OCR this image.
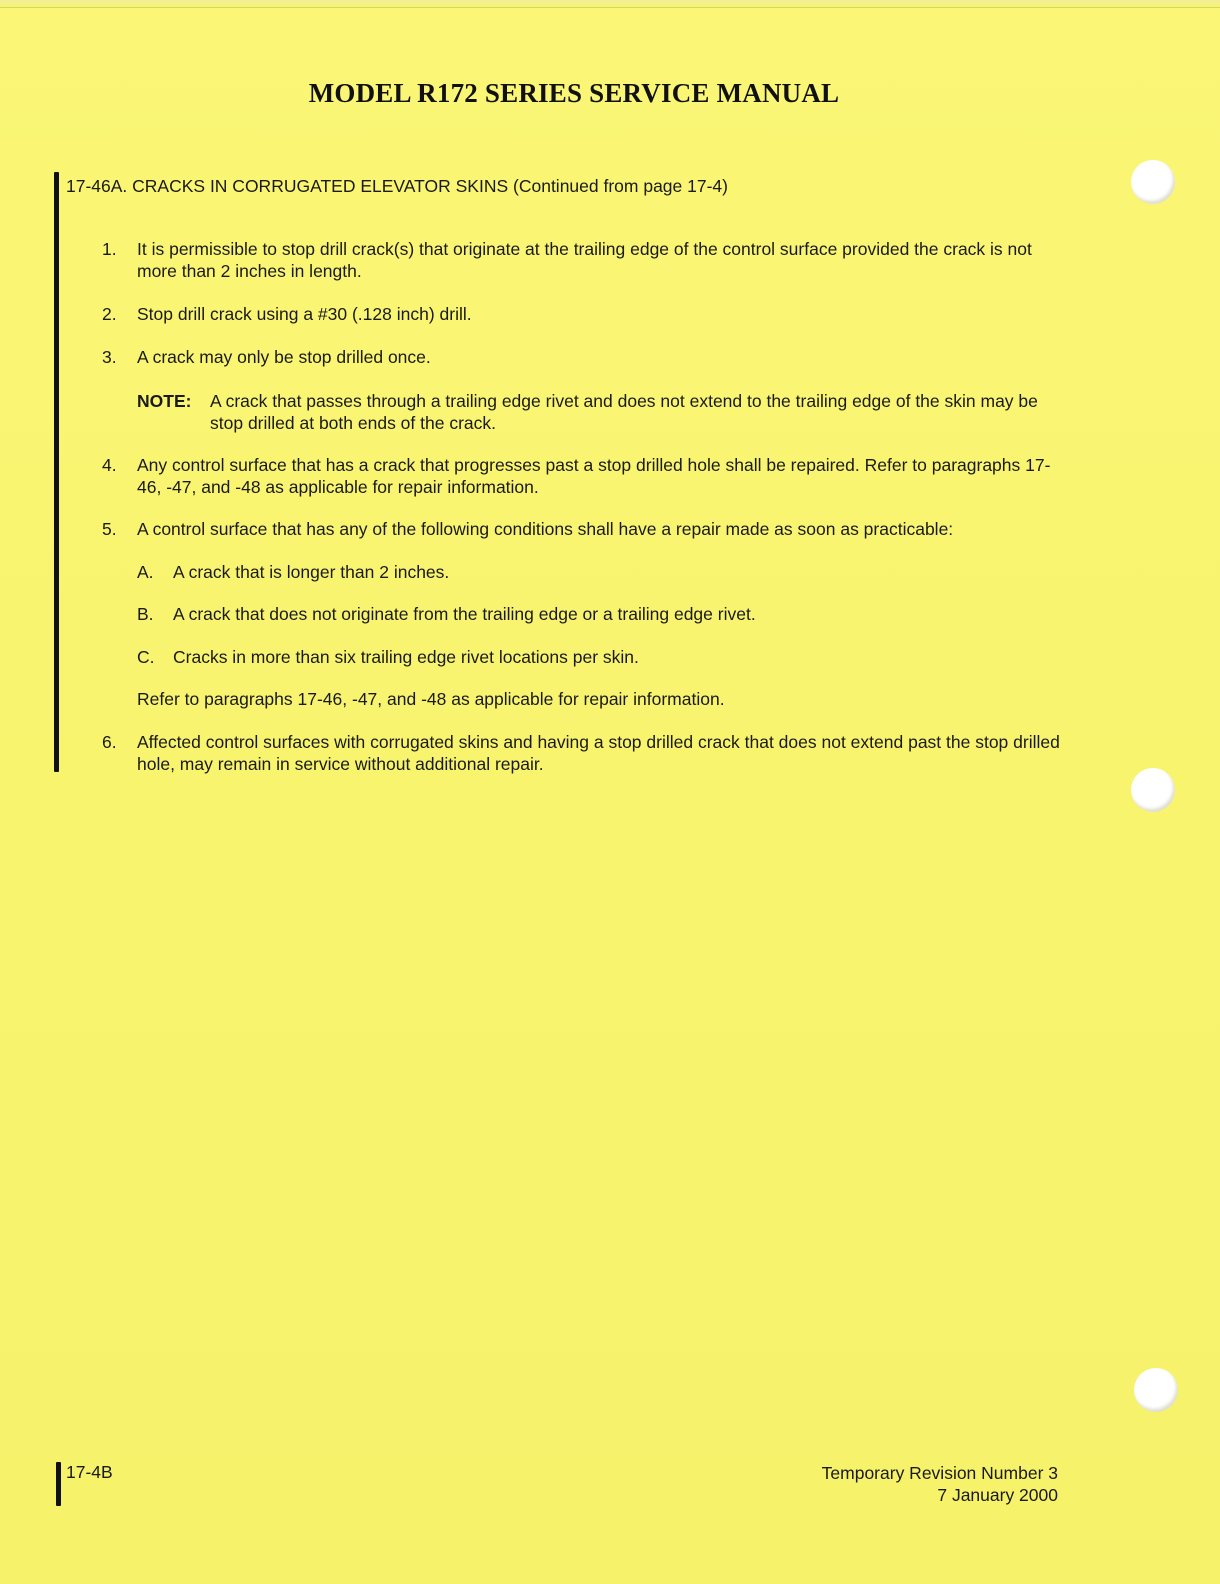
MODEL R172 SERIES SERVICE MANUAL
17-46A. CRACKS IN CORRUGATED ELEVATOR SKINS (Continued from page 17-4)
1. It is permissible to stop drill crack(s) that originate at the trailing edge of the control surface provided the crack is not more than 2 inches in length.
2. Stop drill crack using a #30 (.128 inch) drill.
3. A crack may only be stop drilled once.
NOTE: A crack that passes through a trailing edge rivet and does not extend to the trailing edge of the skin may be stop drilled at both ends of the crack.
4. Any control surface that has a crack that progresses past a stop drilled hole shall be repaired. Refer to paragraphs 17-46, -47, and -48 as applicable for repair information.
5. A control surface that has any of the following conditions shall have a repair made as soon as practicable:
A. A crack that is longer than 2 inches.
B. A crack that does not originate from the trailing edge or a trailing edge rivet.
C. Cracks in more than six trailing edge rivet locations per skin.
Refer to paragraphs 17-46, -47, and -48 as applicable for repair information.
6. Affected control surfaces with corrugated skins and having a stop drilled crack that does not extend past the stop drilled hole, may remain in service without additional repair.
17-4B	Temporary Revision Number 3
7 January 2000
